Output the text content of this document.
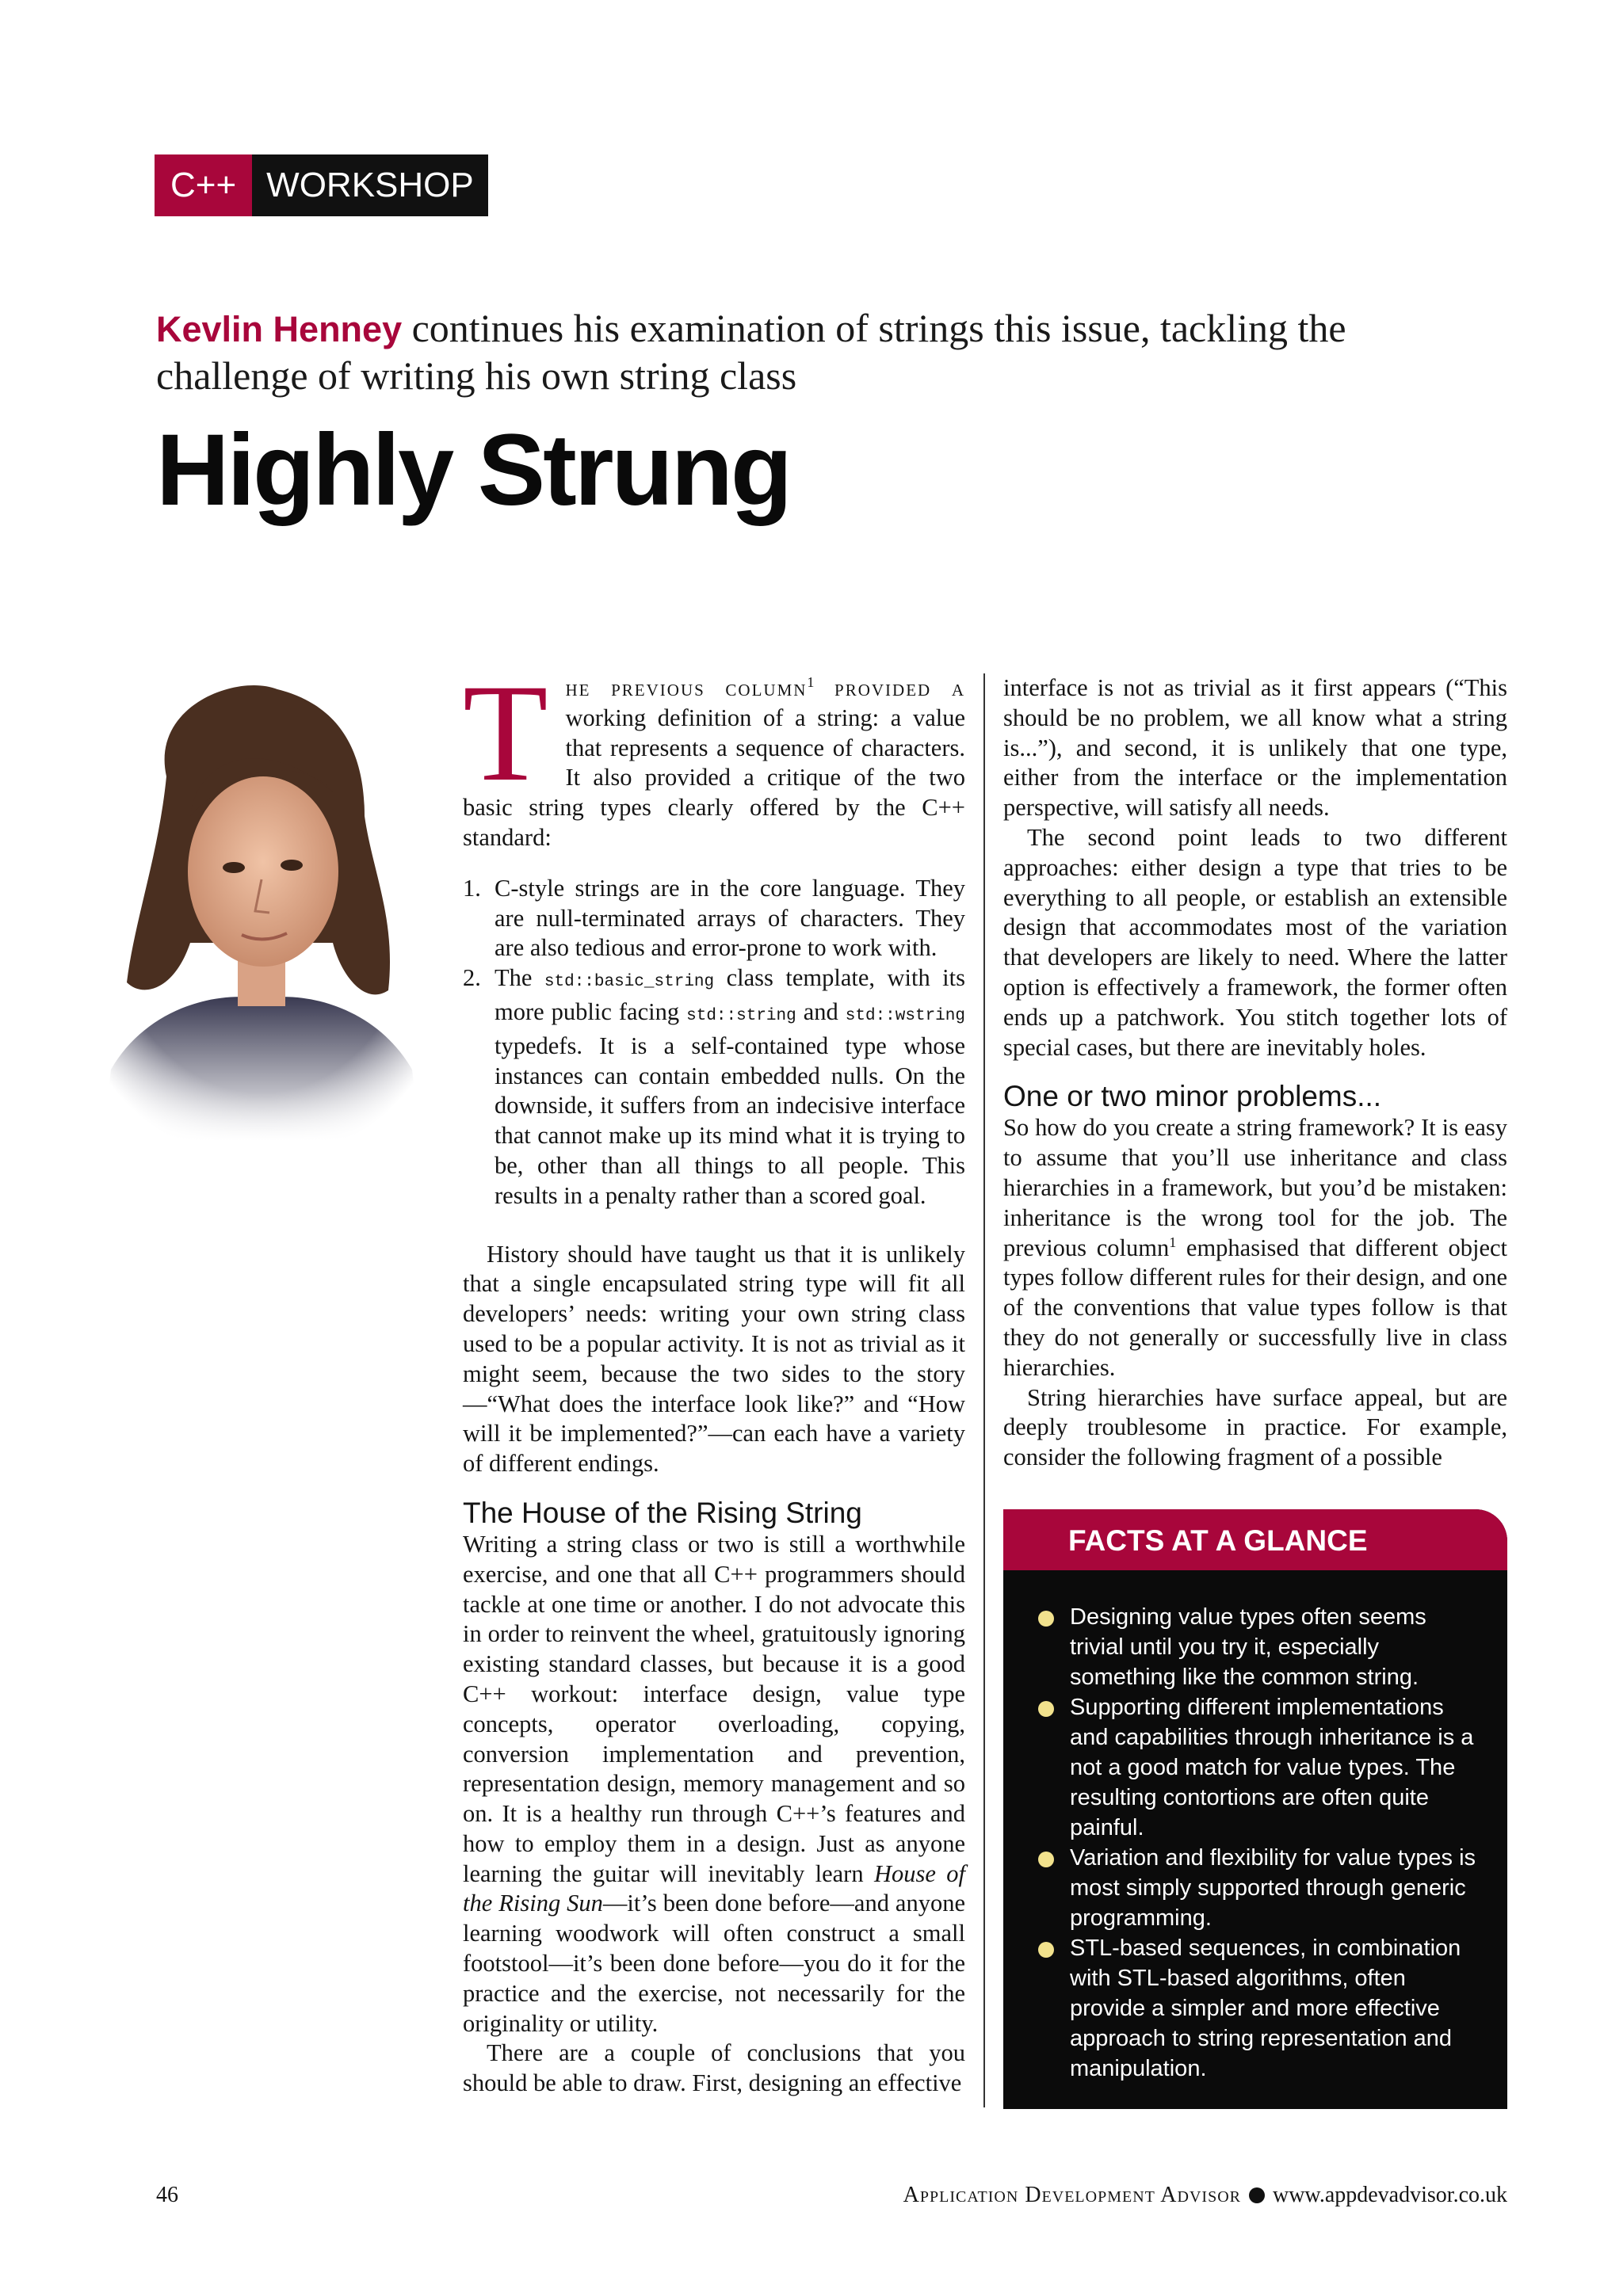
C++ WORKSHOP
Kevlin Henney continues his examination of strings this issue, tackling the challenge of writing his own string class
Highly Strung
The previous column$^1$ provided a working definition of a string: a value that represents a sequence of characters. It also provided a critique of the two basic string types clearly offered by the C++ standard:
1. C-style strings are in the core language. They are null-terminated arrays of characters. They are also tedious and error-prone to work with.
2. The std::basic_string class template, with its more public facing std::string and std::wstring typedefs. It is a self-contained type whose instances can contain embedded nulls. On the downside, it suffers from an indecisive interface that cannot make up its mind what it is trying to be, other than all things to all people. This results in a penalty rather than a scored goal.

History should have taught us that it is unlikely that a single encapsulated string type will fit all developers’ needs: writing your own string class used to be a popular activity. It is not as trivial as it might seem, because the two sides to the story—“What does the interface look like?” and “How will it be implemented?”—can each have a variety of different endings.

The House of the Rising String

Writing a string class or two is still a worthwhile exercise, and one that all C++ programmers should tackle at one time or another. I do not advocate this in order to reinvent the wheel, gratuitously ignoring existing standard classes, but because it is a good C++ workout: interface design, value type concepts, operator overloading, copying, conversion implementation and prevention, representation design, memory management and so on. It is a healthy run through C++’s features and how to employ them in a design. Just as anyone learning the guitar will inevitably learn House of the Rising Sun—it’s been done before—and anyone learning woodwork will often construct a small footstool—it’s been done before—you do it for the practice and the exercise, not necessarily for the originality or utility.

There are a couple of conclusions that you should be able to draw. First, designing an effective

interface is not as trivial as it first appears (“This should be no problem, we all know what a string is...”), and second, it is unlikely that one type, either from the interface or the implementation perspective, will satisfy all needs.

The second point leads to two different approaches: either design a type that tries to be everything to all people, or establish an extensible design that accommodates most of the variation that developers are likely to need. Where the latter option is effectively a framework, the former often ends up a patchwork. You stitch together lots of special cases, but there are inevitably holes.

One or two minor problems...

So how do you create a string framework? It is easy to assume that you’ll use inheritance and class hierarchies in a framework, but you’d be mistaken: inheritance is the wrong tool for the job. The previous column$^1$ emphasised that different object types follow different rules for their design, and one of the conventions that value types follow is that they do not generally or successfully live in class hierarchies.

String hierarchies have surface appeal, but are deeply troublesome in practice. For example, consider the following fragment of a possible

FACTS AT A GLANCE
Designing value types often seems trivial until you try it, especially something like the common string.
Supporting different implementations and capabilities through inheritance is a not a good match for value types. The resulting contortions are often quite painful.
Variation and flexibility for value types is most simply supported through generic programming.
STL-based sequences, in combination with STL-based algorithms, often provide a simpler and more effective approach to string representation and manipulation.
46	Application Development Advisor www.appdevadvisor.co.uk
